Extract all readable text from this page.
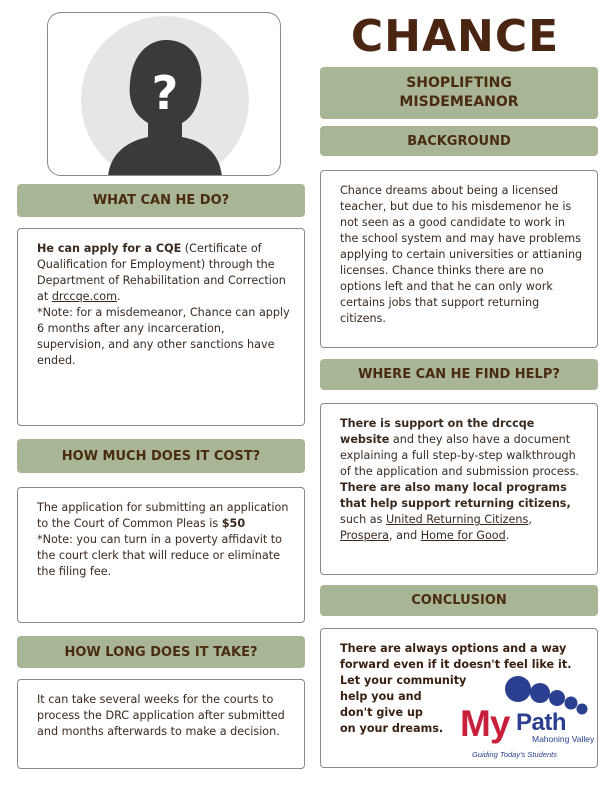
?
CHANCE
SHOPLIFTING
MISDEMEANOR
BACKGROUND

Chance dreams about being a licensed teacher, but due to his misdemenor he is not seen as a good candidate to work in the school system and may have problems applying to certain universities or attianing licenses. Chance thinks there are no options left and that he can only work certains jobs that support returning citizens.

WHAT CAN HE DO?

He can apply for a CQE (Certificate of Qualification for Employment) through the Department of Rehabilitation and Correction at drccqe.com.

*Note: for a misdemeanor, Chance can apply 6 months after any incarceration, supervision, and any other sanctions have ended.

WHERE CAN HE FIND HELP?

There is support on the drccqe website and they also have a document explaining a full step-by-step walkthrough of the application and submission process.
There are also many local programs that help support returning citizens, such as United Returning Citizens, Prospera, and Home for Good.

HOW MUCH DOES IT COST?

The application for submitting an application to the Court of Common Pleas is $50

*Note: you can turn in a poverty affidavit to the court clerk that will reduce or eliminate the filing fee.

CONCLUSION

There are always options and a way forward even if it doesn't feel like it.

Let your community

help you and

don't give up

on your dreams. My Path
Mahoning Valley
Guiding Today's Students
HOW LONG DOES IT TAKE?

It can take several weeks for the courts to process the DRC application after submitted and months afterwards to make a decision.
